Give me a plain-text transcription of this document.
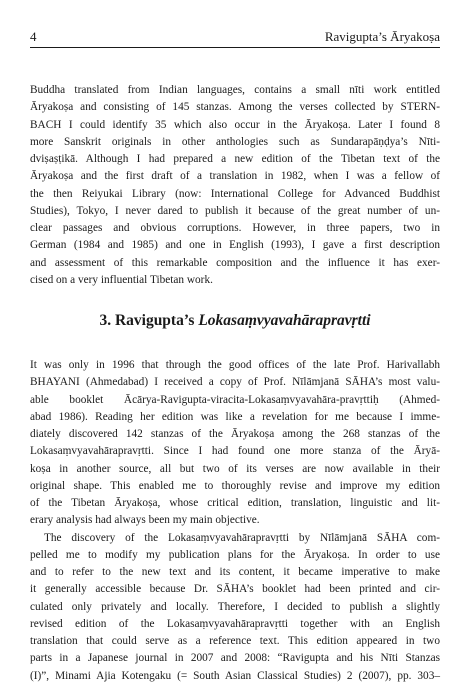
4	Ravigupta’s Āryakoṣa

Buddha translated from Indian languages, contains a small nīti work entitled
Āryakoṣa and consisting of 145 stanzas. Among the verses collected by STERN-
BACH I could identify 35 which also occur in the Āryakoṣa. Later I found 8
more Sanskrit originals in other anthologies such as Sundarapāṇḍya’s Nīti-
dviṣaṣṭikā. Although I had prepared a new edition of the Tibetan text of the
Āryakoṣa and the first draft of a translation in 1982, when I was a fellow of
the then Reiyukai Library (now: International College for Advanced Buddhist
Studies), Tokyo, I never dared to publish it because of the great number of un-
clear passages and obvious corruptions. However, in three papers, two in
German (1984 and 1985) and one in English (1993), I gave a first description
and assessment of this remarkable composition and the influence it has exer-
cised on a very influential Tibetan work.

3. Ravigupta’s Lokasaṃvyavahārapravṛtti

It was only in 1996 that through the good offices of the late Prof. Harivallabh
BHAYANI (Ahmedabad) I received a copy of Prof. Nīlāmjanā SĀHA’s most valu-
able booklet Ācārya-Ravigupta-viracita-Lokasaṃvyavahāra-pravṛttiḥ (Ahmed-
abad 1986). Reading her edition was like a revelation for me because I imme-
diately discovered 142 stanzas of the Āryakoṣa among the 268 stanzas of the
Lokasaṃvyavahārapravṛtti. Since I had found one more stanza of the Āryā-
koṣa in another source, all but two of its verses are now available in their
original shape. This enabled me to thoroughly revise and improve my edition
of the Tibetan Āryakoṣa, whose critical edition, translation, linguistic and lit-
erary analysis had always been my main objective.

The discovery of the Lokasaṃvyavahārapravṛtti by Nīlāmjanā SĀHA com-
pelled me to modify my publication plans for the Āryakoṣa. In order to use
and to refer to the new text and its content, it became imperative to make
it generally accessible because Dr. SĀHA’s booklet had been printed and cir-
culated only privately and locally. Therefore, I decided to publish a slightly
revised edition of the Lokasaṃvyavahārapravṛtti together with an English
translation that could serve as a reference text. This edition appeared in two
parts in a Japanese journal in 2007 and 2008: “Ravigupta and his Nīti Stanzas
(I)”, Minami Ajia Kotengaku (= South Asian Classical Studies) 2 (2007), pp. 303–
